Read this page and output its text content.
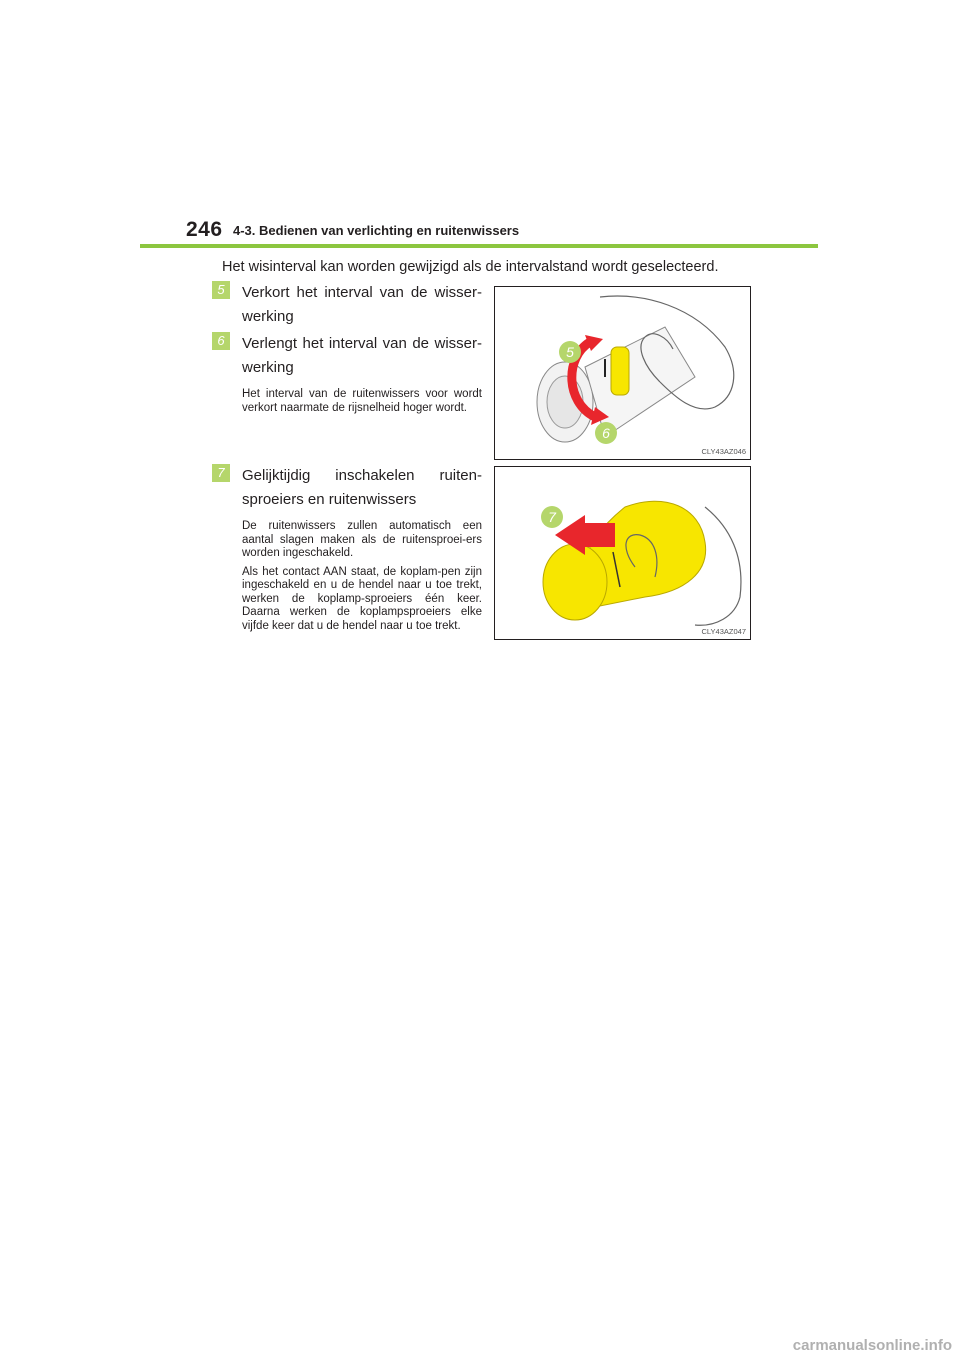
246 4-3. Bedienen van verlichting en ruitenwissers
Het wisinterval kan worden gewijzigd als de intervalstand wordt geselecteerd.
5	Verkort het interval van de wisser-werking
6	Verlengt het interval van de wisser-werking
Het interval van de ruitenwissers voor wordt verkort naarmate de rijsnelheid hoger wordt.
7	Gelijktijdig inschakelen ruiten-sproeiers en ruitenwissers
De ruitenwissers zullen automatisch een aantal slagen maken als de ruitensproei-ers worden ingeschakeld.
Als het contact AAN staat, de koplam-pen zijn ingeschakeld en u de hendel naar u toe trekt, werken de koplamp-sproeiers één keer. Daarna werken de koplampsproeiers elke vijfde keer dat u de hendel naar u toe trekt.
5
6
CLY43AZ046
7
CLY43AZ047
carmanualsonline.info
